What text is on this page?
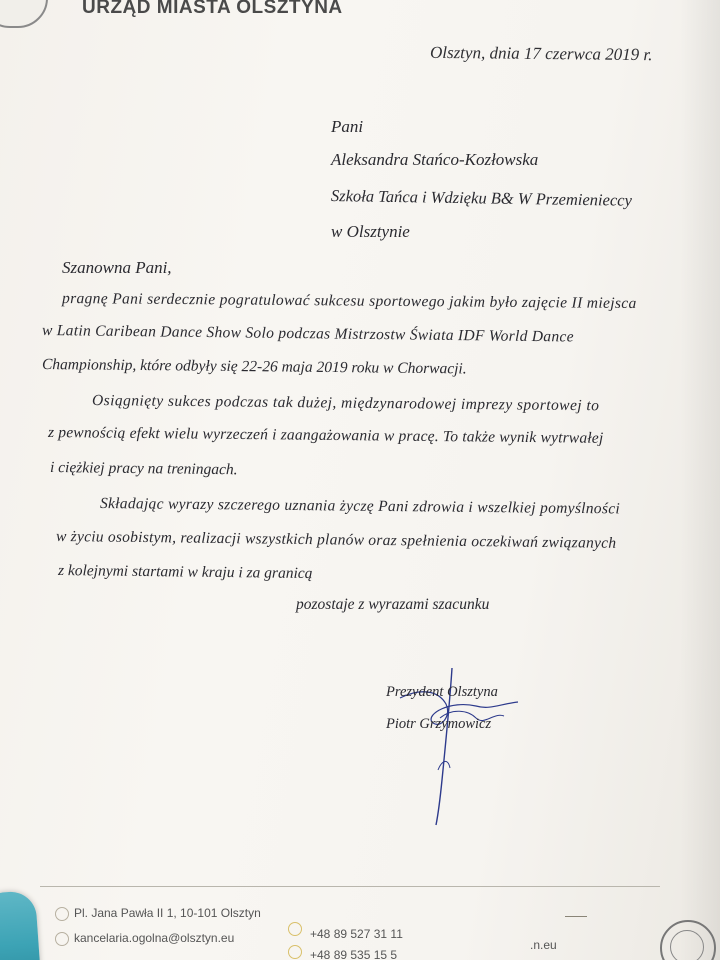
URZĄD MIASTA OLSZTYNA
Olsztyn, dnia 17 czerwca 2019 r.
Pani
Aleksandra Stańco-Kozłowska
Szkoła Tańca i Wdzięku B& W Przemienieccy
w Olsztynie
Szanowna Pani,
pragnę Pani serdecznie pogratulować sukcesu sportowego jakim było zajęcie II miejsca
w Latin Caribean Dance Show Solo podczas Mistrzostw Świata IDF World Dance
Championship, które odbyły się 22-26 maja 2019 roku w Chorwacji.
Osiągnięty sukces podczas tak dużej, międzynarodowej imprezy sportowej to
z pewnością efekt wielu wyrzeczeń i zaangażowania w pracę. To także wynik wytrwałej
i ciężkiej pracy na treningach.
Składając wyrazy szczerego uznania życzę Pani zdrowia i wszelkiej pomyślności
w życiu osobistym, realizacji wszystkich planów oraz spełnienia oczekiwań związanych
z kolejnymi startami w kraju i za granicą
pozostaje z wyrazami szacunku
Prezydent Olsztyna
Piotr Grzymowicz
Pl. Jana Pawła II 1, 10-101 Olsztyn
kancelaria.ogolna@olsztyn.eu	+48 89 527 31 11
+48 89 535 15 5
.n.eu
